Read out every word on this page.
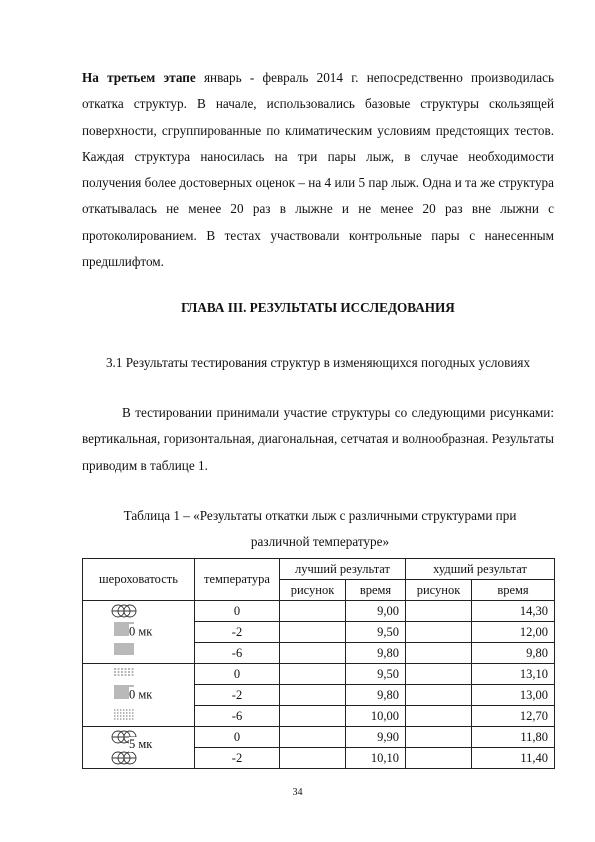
На третьем этапе январь - февраль 2014 г. непосредственно производилась откатка структур. В начале, использовались базовые структуры скользящей поверхности, сгруппированные по климатическим условиям предстоящих тестов. Каждая структура наносилась на три пары лыж, в случае необходимости получения более достоверных оценок – на 4 или 5 пар лыж. Одна и та же структура откатывалась не менее 20 раз в лыжне и не менее 20 раз вне лыжни с протоколированием. В тестах участвовали контрольные пары с нанесенным предшлифтом.

ГЛАВА III. РЕЗУЛЬТАТЫ ИССЛЕДОВАНИЯ

3.1 Результаты тестирования структур в изменяющихся погодных условиях

В тестировании принимали участие структуры со следующими рисунками: вертикальная, горизонтальная, диагональная, сетчатая и волнообразная. Результаты приводим в таблице 1.

Таблица 1 – «Результаты откатки лыж с различными структурами при различной температуре»

шероховатость	температура	лучший результат		худший результат	
		рисунок	время	рисунок	время

0 мк	0		9,00		14,30
	-2		9,50		12,00
	-6		9,80		9,80

0 мк	0		9,50		13,10
	-2		9,80		13,00
	-6		10,00		12,70

5 мк	0		9,90		11,80
	-2		10,10		11,40
34
